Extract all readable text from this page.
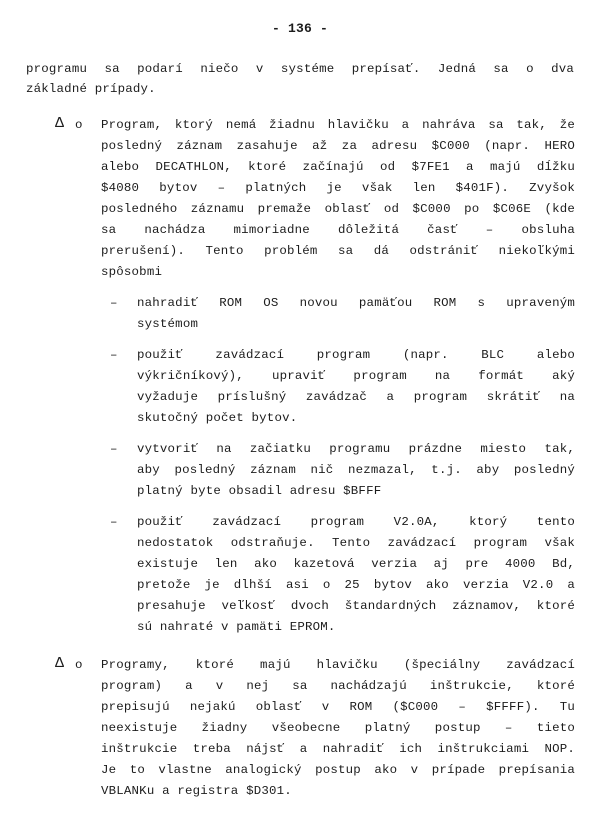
- 136 -
programu sa podarí niečo v systéme prepísať. Jedná sa o dva
základné prípady.
Δ o Program, ktorý nemá žiadnu hlavičku a nahráva sa tak, že
posledný záznam zasahuje až za adresu $C000 (napr. HERO
alebo DECATHLON, ktoré začínajú od $7FE1 a majú dĺžku
$4080 bytov – platných je však len $401F). Zvyšok
posledného záznamu premaže oblasť od $C000 po $C06E (kde
sa nachádza mimoriadne dôležitá časť – obsluha
prerušení). Tento problém sa dá odstrániť niekoľkými
spôsobmi
– nahradiť ROM OS novou pamäťou ROM s upraveným
systémom
– použiť zavádzací program (napr. BLC alebo
výkričníkový), upraviť program na formát aký
vyžaduje príslušný zavádzač a program skrátiť na
skutočný počet bytov.
– vytvoriť na začiatku programu prázdne miesto tak,
aby posledný záznam nič nezmazal, t.j. aby posledný
platný byte obsadil adresu $BFFF
– použiť zavádzací program V2.0A, ktorý tento
nedostatok odstraňuje. Tento zavádzací program však
existuje len ako kazetová verzia aj pre 4000 Bd,
pretože je dlhší asi o 25 bytov ako verzia V2.0 a
presahuje veľkosť dvoch štandardných záznamov, ktoré
sú nahraté v pamäti EPROM.
Δ o Programy, ktoré majú hlavičku (špeciálny zavádzací
program) a v nej sa nachádzajú inštrukcie, ktoré
prepisujú nejakú oblasť v ROM ($C000 – $FFFF). Tu
neexistuje žiadny všeobecne platný postup – tieto
inštrukcie treba nájsť a nahradiť ich inštrukciami NOP.
Je to vlastne analogický postup ako v prípade prepísania
VBLANKu a registra $D301.
